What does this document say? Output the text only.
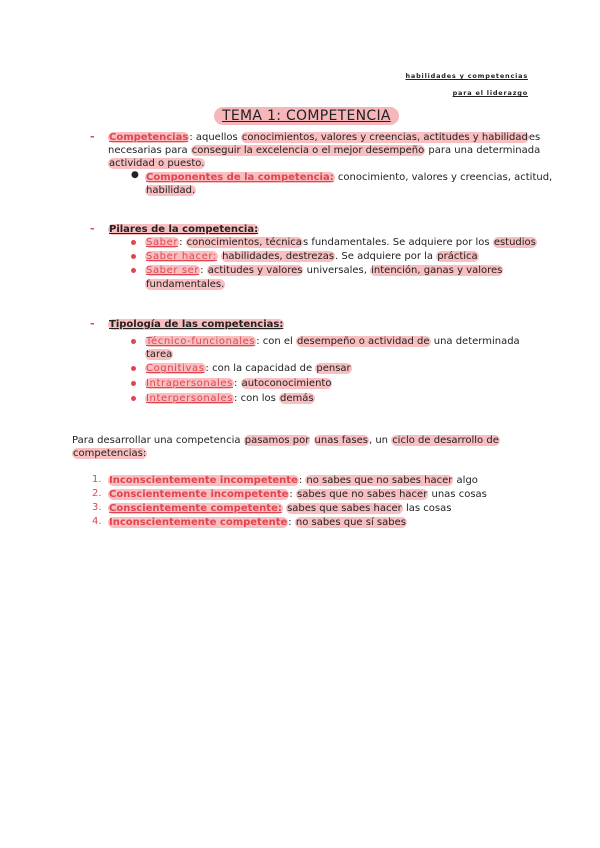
habilidades y competencias
para el liderazgo
TEMA 1: COMPETENCIA
- Competencias: aquellos conocimientos, valores y creencias, actitudes y habilidades
necesarias para conseguir la excelencia o el mejor desempeño para una determinada
actividad o puesto.
● Componentes de la competencia: conocimiento, valores y creencias, actitud,
habilidad.
- Pilares de la competencia:
Saber: conocimientos, técnicas fundamentales. Se adquiere por los estudios
Saber hacer: habilidades, destrezas. Se adquiere por la práctica
Saber ser: actitudes y valores universales, intención, ganas y valores
fundamentales.
- Tipología de las competencias:
Técnico-funcionales: con el desempeño o actividad de una determinada
tarea
Cognitivas: con la capacidad de pensar
Intrapersonales: autoconocimiento
Interpersonales: con los demás
Para desarrollar una competencia pasamos por unas fases, un ciclo de desarrollo de
competencias:
1. Inconscientemente incompetente: no sabes que no sabes hacer algo
2. Conscientemente incompetente: sabes que no sabes hacer unas cosas
3. Conscientemente competente: sabes que sabes hacer las cosas
4. Inconscientemente competente: no sabes que sí sabes
